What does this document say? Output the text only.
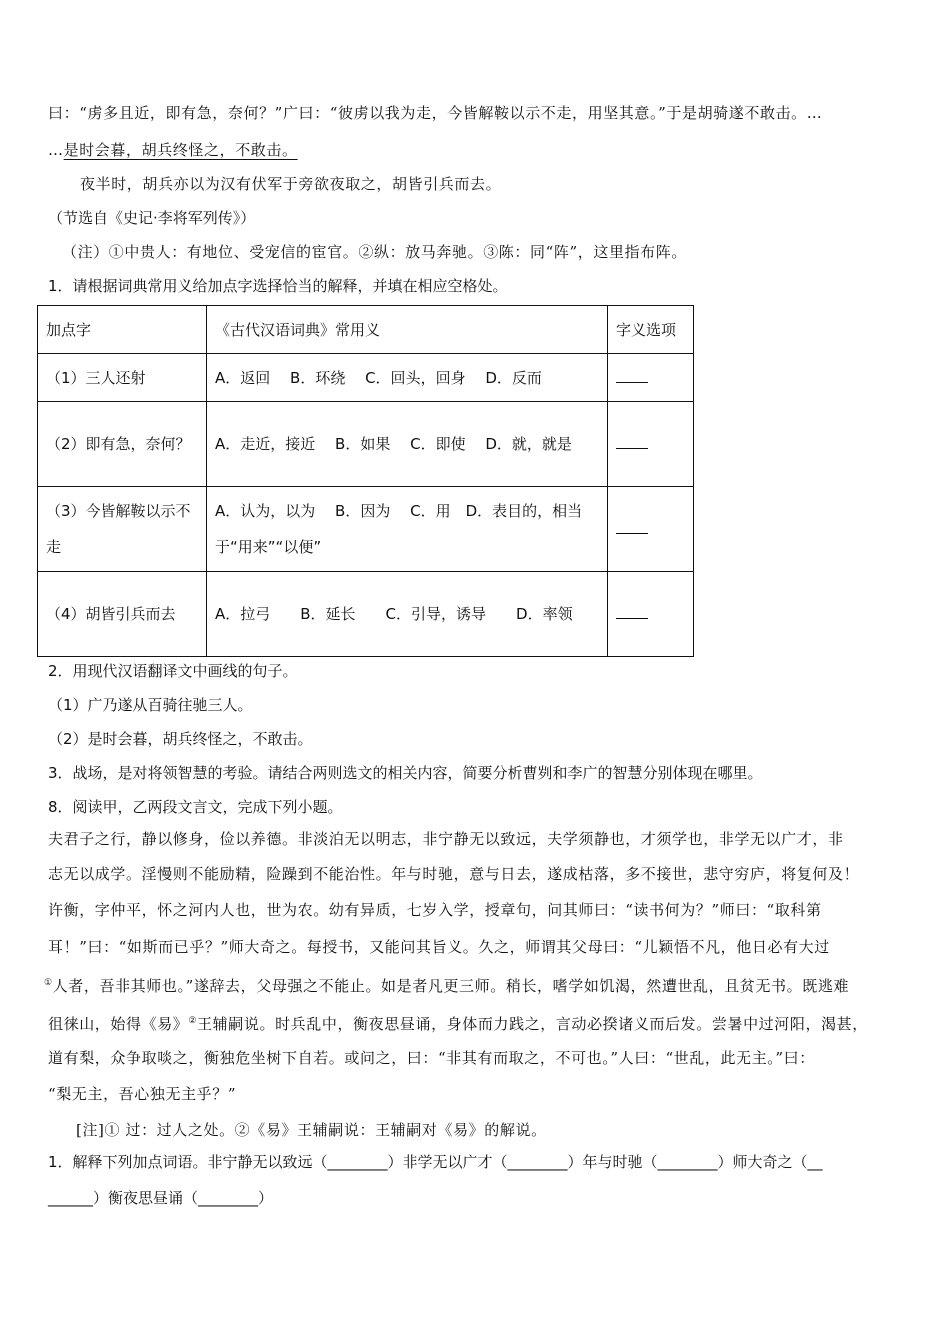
曰：“虏多且近，即有急，奈何？”广曰：“彼虏以我为走，今皆解鞍以示不走，用坚其意。”于是胡骑遂不敢击。…
…是时会暮，胡兵终怪之，不敢击。
夜半时，胡兵亦以为汉有伏军于旁欲夜取之，胡皆引兵而去。
（节选自《史记·李将军列传》）
（注）①中贵人：有地位、受宠信的宦官。②纵：放马奔驰。③陈：同“阵”，这里指布阵。
1．请根据词典常用义给加点字选择恰当的解释，并填在相应空格处。
加点字	《古代汉语词典》常用义	字义选项
（1）三人还射	A．返回　 B．环绕　 C．回头，回身　 D．反而	
（2）即有急，奈何？	A．走近，接近　 B．如果　 C．即使　 D．就，就是	
（3）今皆解鞍以示不走	A．认为，以为　 B．因为　 C．用　D．表目的，相当于“用来”“以便”	
（4）胡皆引兵而去	A．拉弓　　B．延长　　C．引导，诱导　　D．率领	
2．用现代汉语翻译文中画线的句子。
（1）广乃遂从百骑往驰三人。
（2）是时会暮，胡兵终怪之，不敢击。
3．战场，是对将领智慧的考验。请结合两则选文的相关内容，简要分析曹刿和李广的智慧分别体现在哪里。
8．阅读甲，乙两段文言文，完成下列小题。
夫君子之行，静以修身，俭以养德。非淡泊无以明志，非宁静无以致远，夫学须静也，才须学也，非学无以广才，非
志无以成学。淫慢则不能励精，险躁到不能治性。年与时驰，意与日去，遂成枯落，多不接世，悲守穷庐，将复何及！
许衡，字仲平，怀之河内人也，世为农。幼有异质，七岁入学，授章句，问其师曰：“读书何为？”师曰：“取科第
耳！”曰：“如斯而已乎？”师大奇之。每授书，又能问其旨义。久之，师谓其父母曰：“儿颖悟不凡，他日必有大过
①人者，吾非其师也。”遂辞去，父母强之不能止。如是者凡更三师。稍长，嗜学如饥渴，然遭世乱，且贫无书。既逃难
徂徕山，始得《易》②王辅嗣说。时兵乱中，衡夜思昼诵，身体而力践之，言动必揆诸义而后发。尝暑中过河阳，渴甚，
道有梨，众争取啖之，衡独危坐树下自若。或问之，曰：“非其有而取之，不可也。”人曰：“世乱，此无主。”曰：
“梨无主，吾心独无主乎？”
[注]① 过：过人之处。②《易》王辅嗣说：王辅嗣对《易》的解说。
1．解释下列加点词语。非宁静无以致远（________）非学无以广才（________）年与时驰（________）师大奇之（__
______）衡夜思昼诵（________）
